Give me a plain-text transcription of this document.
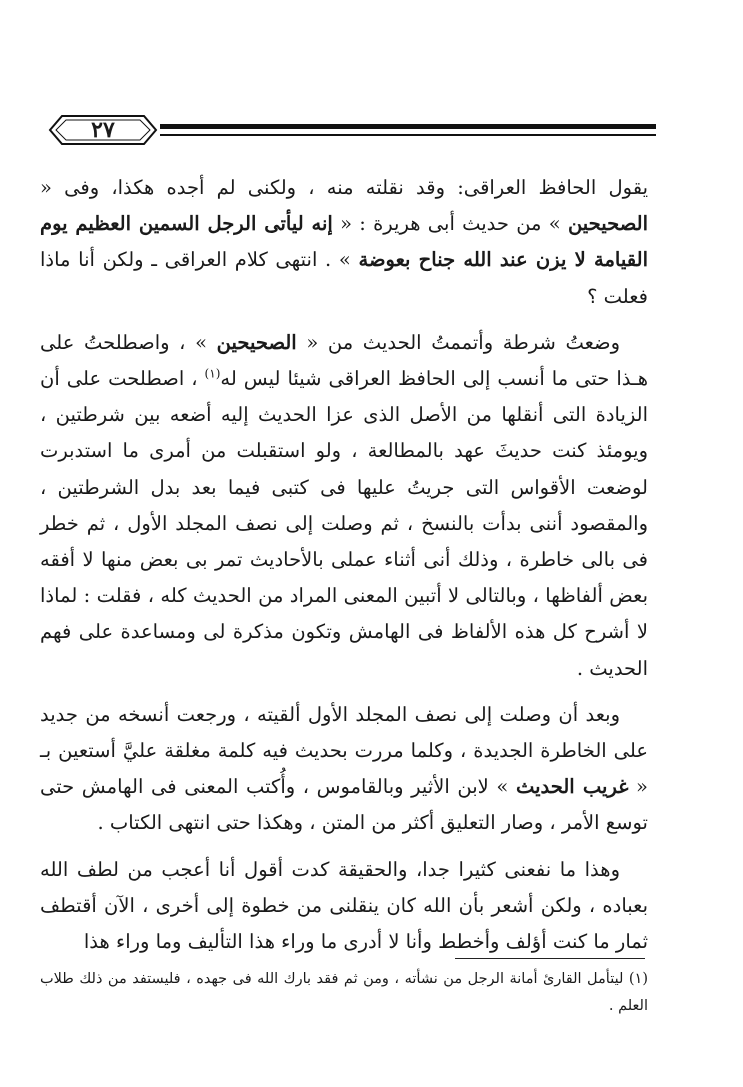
٢٧

يقول الحافظ العراقى: وقد نقلته منه ، ولكنى لم أجده هكذا، وفى « الصحيحين » من حديث أبى هريرة : « إنه ليأتى الرجل السمين العظيم يوم القيامة لا يزن عند الله جناح بعوضة » . انتهى كلام العراقى ـ ولكن أنا ماذا فعلت ؟

وضعتُ شرطة وأتممتُ الحديث من « الصحيحين » ، واصطلحتُ على هـذا حتى ما أنسب إلى الحافظ العراقى شيئا ليس له$^{(١)}$ ، اصطلحت على أن الزيادة التى أنقلها من الأصل الذى عزا الحديث إليه أضعه بين شرطتين ، ويومئذ كنت حديثَ عهد بالمطالعة ، ولو استقبلت من أمرى ما استدبرت لوضعت الأقواس التى جريتُ عليها فى كتبى فيما بعد بدل الشرطتين ، والمقصود أننى بدأت بالنسخ ، ثم وصلت إلى نصف المجلد الأول ، ثم خطر فى بالى خاطرة ، وذلك أنى أثناء عملى بالأحاديث تمر بى بعض منها لا أفقه بعض ألفاظها ، وبالتالى لا أتبين المعنى المراد من الحديث كله ، فقلت : لماذا لا أشرح كل هذه الألفاظ فى الهامش وتكون مذكرة لى ومساعدة على فهم الحديث .

وبعد أن وصلت إلى نصف المجلد الأول ألقيته ، ورجعت أنسخه من جديد على الخاطرة الجديدة ، وكلما مررت بحديث فيه كلمة مغلقة عليَّ أستعين بـ « غريب الحديث » لابن الأثير وبالقاموس ، وأُكتب المعنى فى الهامش حتى توسع الأمر ، وصار التعليق أكثر من المتن ، وهكذا حتى انتهى الكتاب .

وهذا ما نفعنى كثيرا جدا، والحقيقة كدت أقول أنا أعجب من لطف الله بعباده ، ولكن أشعر بأن الله كان ينقلنى من خطوة إلى أخرى ، الآن أقتطف ثمار ما كنت أؤلف وأخطط وأنا لا أدرى ما وراء هذا التأليف وما وراء هذا

(١) ليتأمل القارئ أمانة الرجل من نشأته ، ومن ثم فقد بارك الله فى جهده ، فليستفد من ذلك طلاب العلم .
